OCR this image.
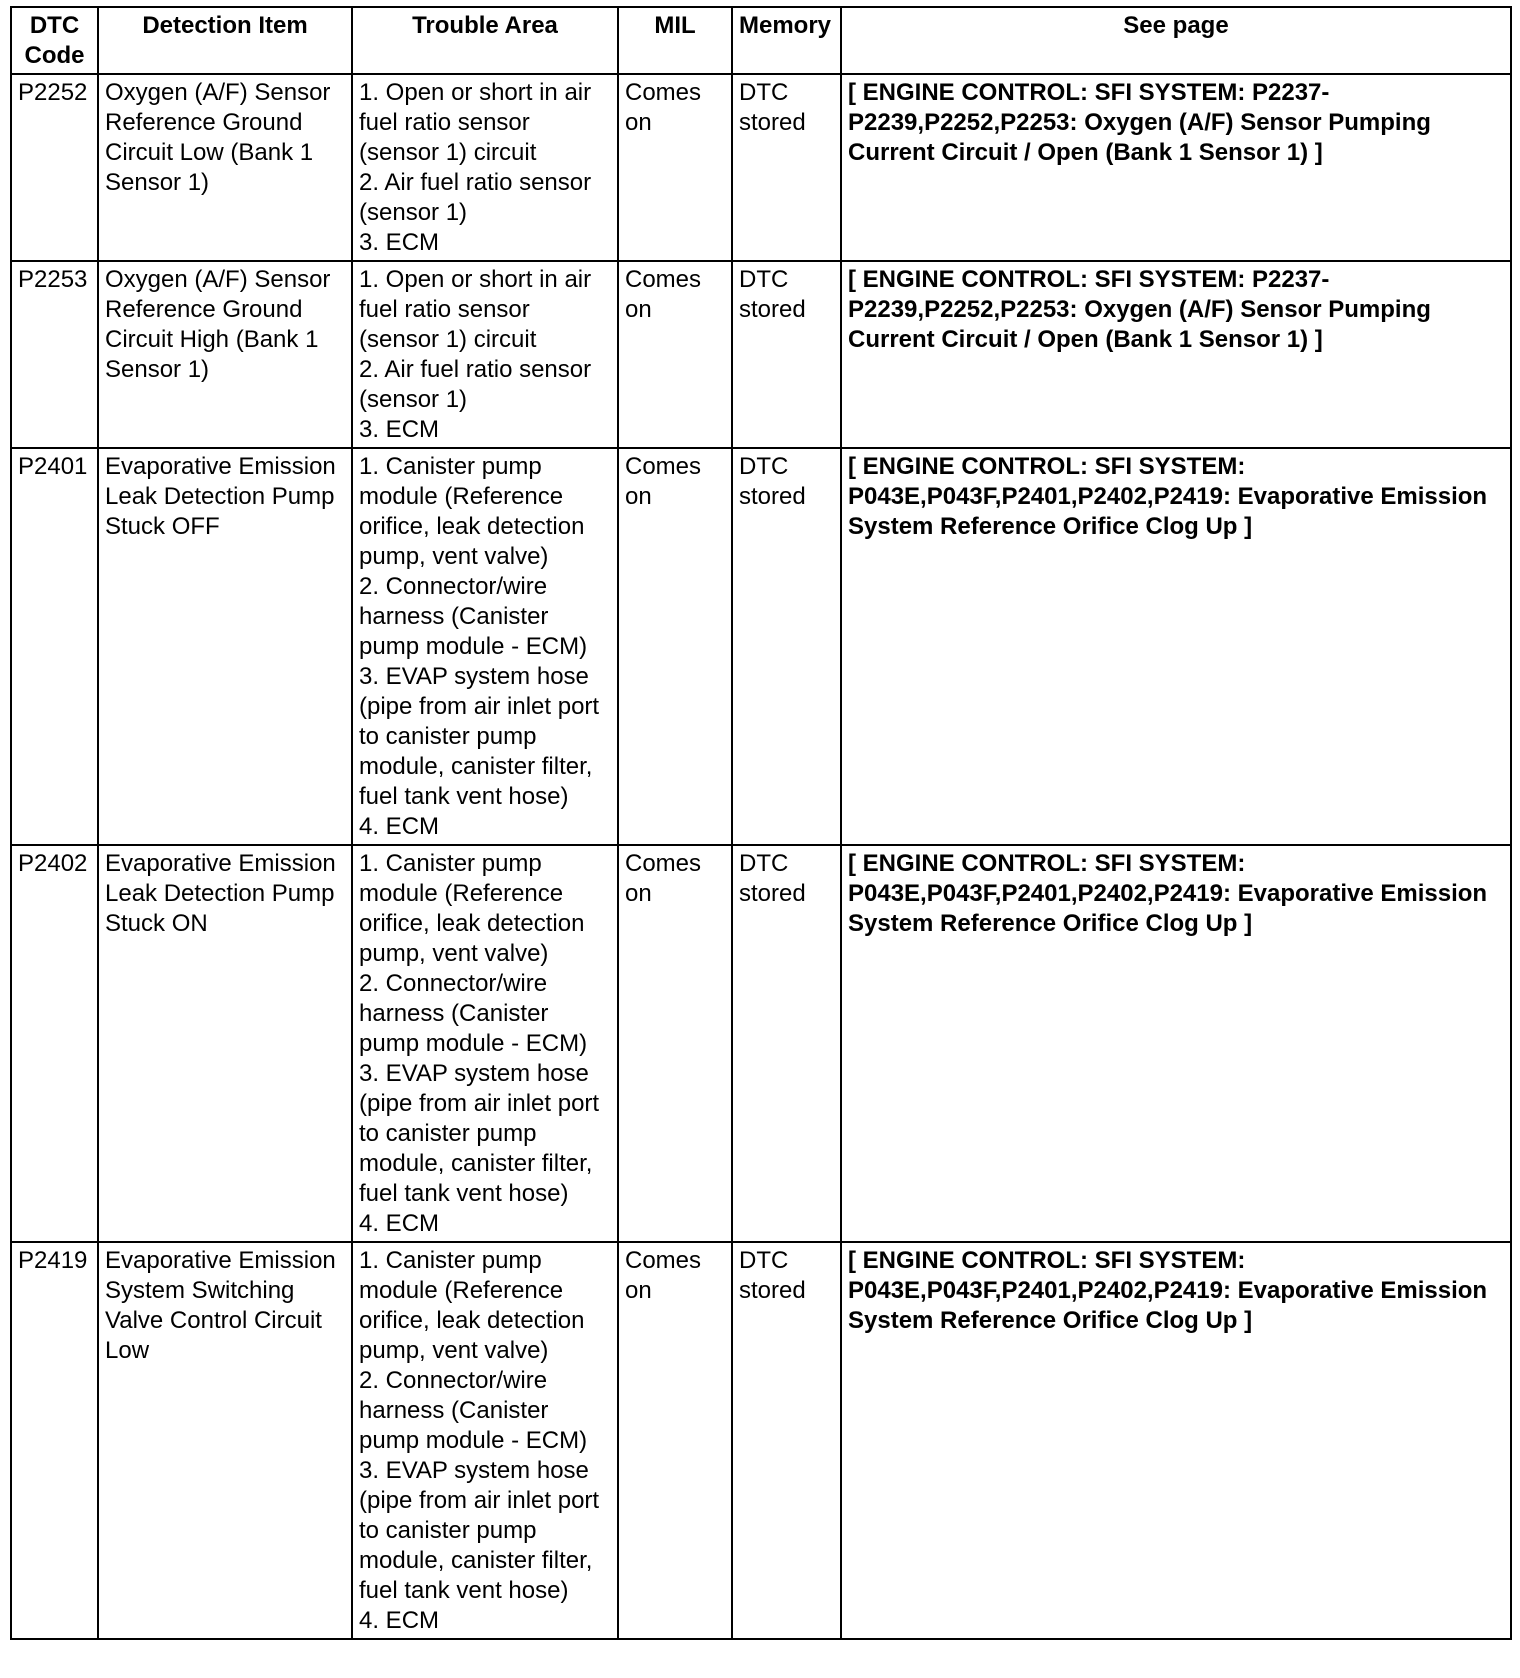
DTC Code	Detection Item	Trouble Area	MIL	Memory	See page
P2252	Oxygen (A/F) Sensor Reference Ground Circuit Low (Bank 1 Sensor 1)	1. Open or short in air fuel ratio sensor (sensor 1) circuit
2. Air fuel ratio sensor (sensor 1)
3. ECM	Comes on	DTC stored	[ ENGINE CONTROL: SFI SYSTEM: P2237-P2239,P2252,P2253: Oxygen (A/F) Sensor Pumping Current Circuit / Open (Bank 1 Sensor 1) ]
P2253	Oxygen (A/F) Sensor Reference Ground Circuit High (Bank 1 Sensor 1)	1. Open or short in air fuel ratio sensor (sensor 1) circuit
2. Air fuel ratio sensor (sensor 1)
3. ECM	Comes on	DTC stored	[ ENGINE CONTROL: SFI SYSTEM: P2237-P2239,P2252,P2253: Oxygen (A/F) Sensor Pumping Current Circuit / Open (Bank 1 Sensor 1) ]
P2401	Evaporative Emission Leak Detection Pump Stuck OFF	1. Canister pump module (Reference orifice, leak detection pump, vent valve)
2. Connector/wire harness (Canister pump module - ECM)
3. EVAP system hose (pipe from air inlet port to canister pump module, canister filter, fuel tank vent hose)
4. ECM	Comes on	DTC stored	[ ENGINE CONTROL: SFI SYSTEM: P043E,P043F,P2401,P2402,P2419: Evaporative Emission System Reference Orifice Clog Up ]
P2402	Evaporative Emission Leak Detection Pump Stuck ON	1. Canister pump module (Reference orifice, leak detection pump, vent valve)
2. Connector/wire harness (Canister pump module - ECM)
3. EVAP system hose (pipe from air inlet port to canister pump module, canister filter, fuel tank vent hose)
4. ECM	Comes on	DTC stored	[ ENGINE CONTROL: SFI SYSTEM: P043E,P043F,P2401,P2402,P2419: Evaporative Emission System Reference Orifice Clog Up ]
P2419	Evaporative Emission System Switching Valve Control Circuit Low	1. Canister pump module (Reference orifice, leak detection pump, vent valve)
2. Connector/wire harness (Canister pump module - ECM)
3. EVAP system hose (pipe from air inlet port to canister pump module, canister filter, fuel tank vent hose)
4. ECM	Comes on	DTC stored	[ ENGINE CONTROL: SFI SYSTEM: P043E,P043F,P2401,P2402,P2419: Evaporative Emission System Reference Orifice Clog Up ]
